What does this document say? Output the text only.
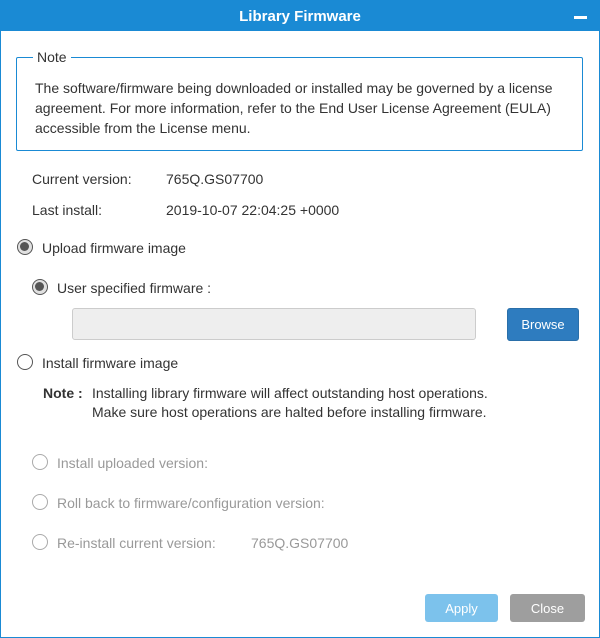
Library Firmware
Note
The software/firmware being downloaded or installed may be governed by a license agreement. For more information, refer to the End User License Agreement (EULA) accessible from the License menu.
Current version: 765Q.GS07700
Last install:	2019-10-07 22:04:25 +0000
Upload firmware image
User specified firmware :
Browse
Install firmware image
Note : Installing library firmware will affect outstanding host operations.
Make sure host operations are halted before installing firmware.
Install uploaded version:
Roll back to firmware/configuration version:
Re-install current version:	765Q.GS07700
Apply	Close
